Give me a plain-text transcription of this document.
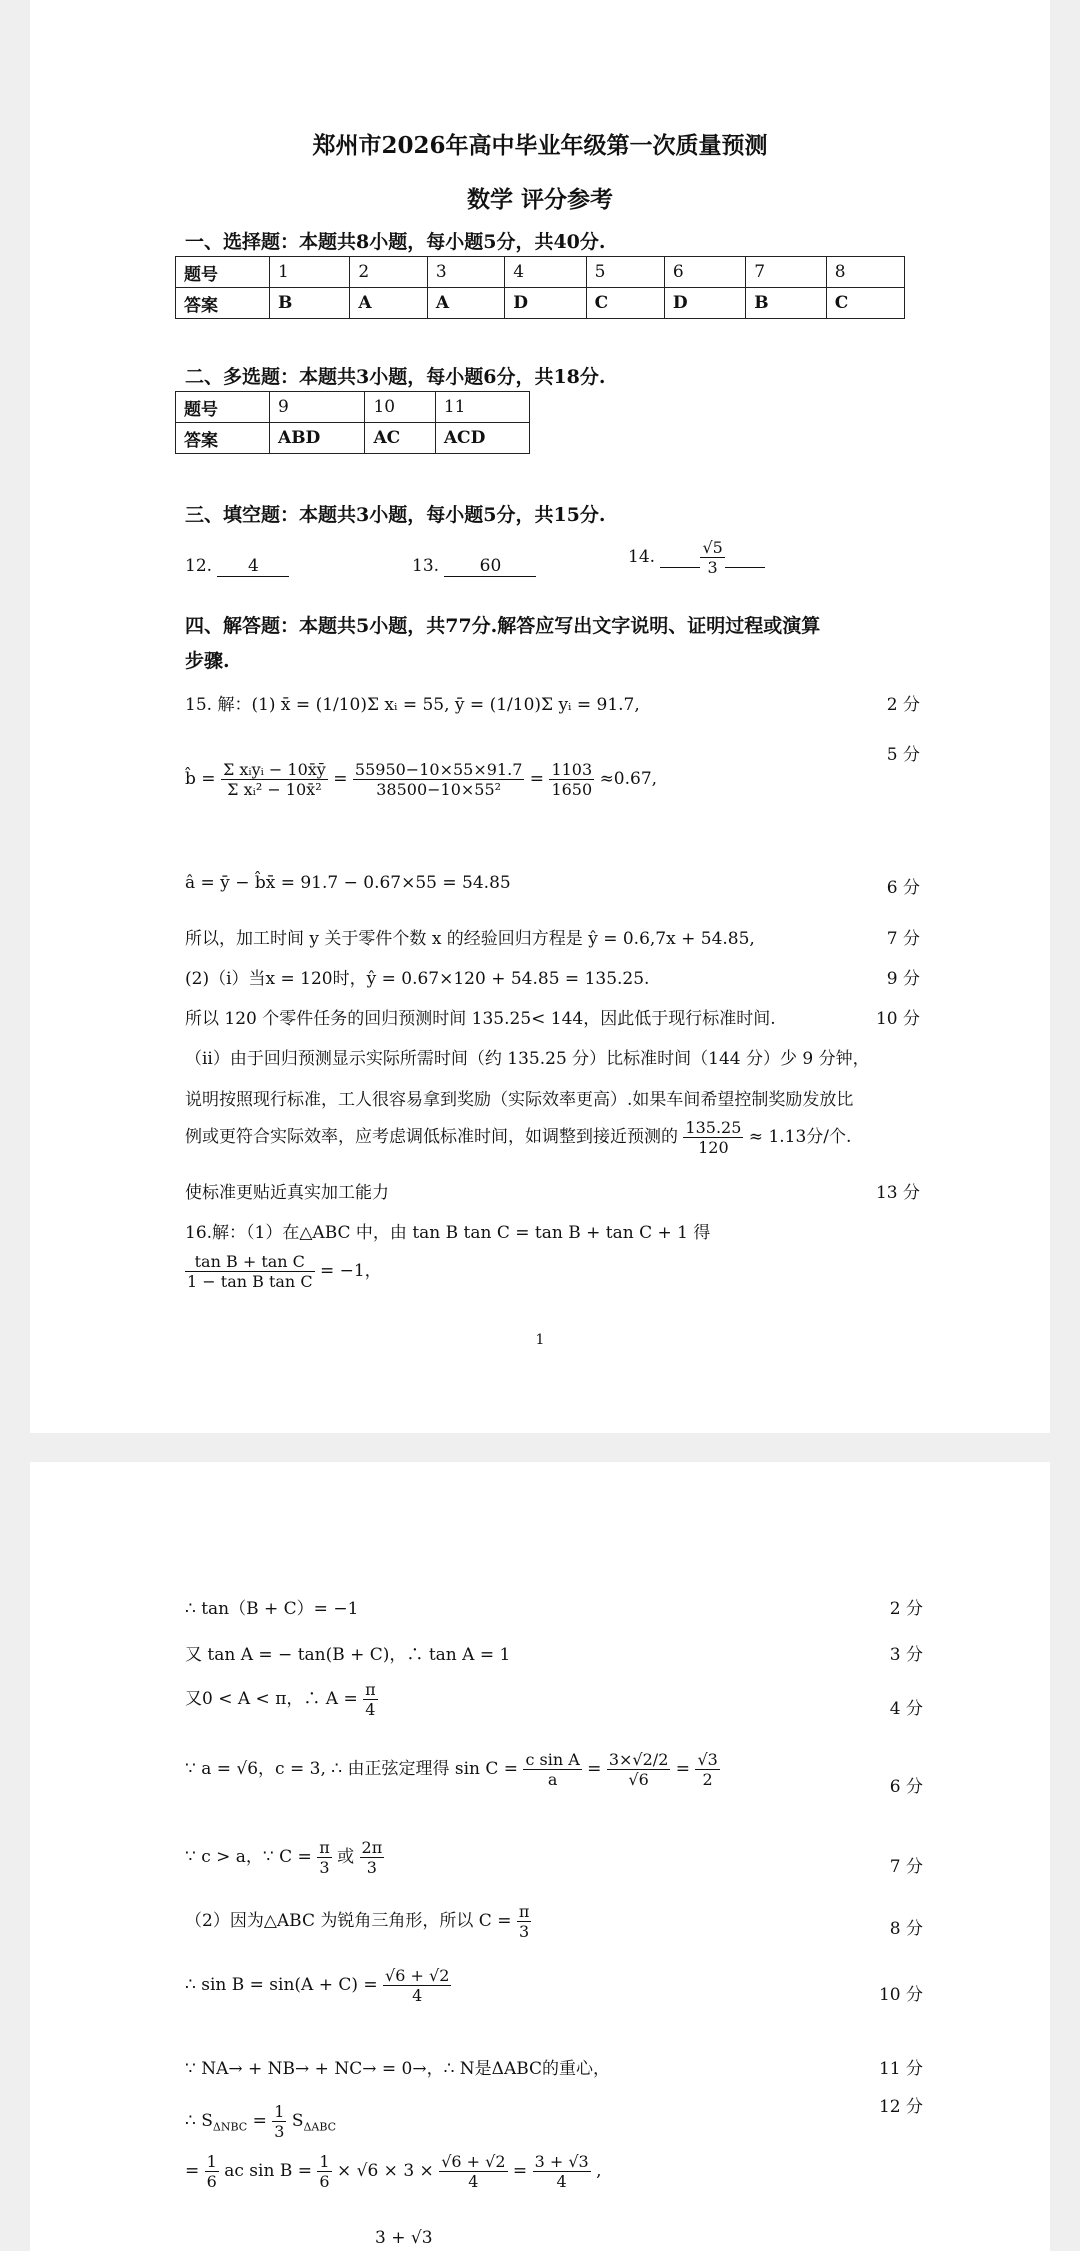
郑州市2026年高中毕业年级第一次质量预测
数学 评分参考
一、选择题：本题共8小题，每小题5分，共40分.
题号	1	2	3	4	5	6	7	8
答案	B	A	A	D	C	D	B	C
二、多选题：本题共3小题，每小题6分，共18分.
题号	9	10	11
答案	ABD	AC	ACD
三、填空题：本题共3小题，每小题5分，共15分.
12. 4	13. 60	14.	$\frac{√5}{3}$

四、解答题：本题共5小题，共77分.解答应写出文字说明、证明过程或演算
步骤.
15. 解：(1) x̄ = (1/10)Σ xᵢ = 55, ȳ = (1/10)Σ yᵢ = 91.7,	2 分
5 分
b̂ = $\frac{\text{Σ xᵢyᵢ − 10x̄ȳ}}{\text{Σ xᵢ² − 10x̄²}} = \frac{55950-10\times 55\times 91.7}{\text{38500−10×55²}} = \frac{1103}{1650} \approx 0.67$,
â = ȳ − b̂x̄ = 91.7 − 0.67×55 = 54.85	6 分
所以，加工时间 y 关于零件个数 x 的经验回归方程是 ŷ = 0.6,7x + 54.85,	7 分
(2)（i）当x = 120时，ŷ = 0.67×120 + 54.85 = 135.25.	9 分
所以 120 个零件任务的回归预测时间 135.25< 144，因此低于现行标准时间.	10 分
（ii）由于回归预测显示实际所需时间（约 135.25 分）比标准时间（144 分）少 9 分钟，
说明按照现行标准，工人很容易拿到奖励（实际效率更高）.如果车间希望控制奖励发放比
例或更符合实际效率，应考虑调低标准时间，如调整到接近预测的 $\frac{135.25}{120} \approx 1.13$分/个.
使标准更贴近真实加工能力	13 分
16.解：（1）在△ABC 中，由 tan B tan C = tan B + tan C + 1 得
$\frac{\text{tan B + tan C}}{\text{1 − tan B tan C}} = -1$，
1
∴ tan（B + C）= −1	2 分
又 tan A = − tan(B + C)，∴ tan A = 1	3 分
又0 < A < π，∴ $A = \frac{\pi}{4}$	4 分
∵ a = √6，c = 3, ∴ 由正弦定理得 $\sin C = \frac{\text{c sin A}}{a} = \frac{3\times√2/2}{√6} = \frac{√3}{2}$	6 分
∵ c > a，∵ $C = \frac{\pi}{3}$ 或 $\frac{2\pi}{3}$	7 分
（2）因为△ABC 为锐角三角形，所以 $C = \frac{\pi}{3}$	8 分
∴ $\sin B = \sin(A + C) = \frac{√6 + √2}{4}$	10 分
∵ NA→ + NB→ + NC→ = 0→，∴ N是ΔABC的重心，	11 分
12 分
∴ $S_{\Delta NBC} = \frac{1}{3} S_{\Delta ABC}$
= $\frac{1}{6}$ ac $\sin B = \frac{1}{6} \times √6 \times 3 \times \frac{√6 + √2}{4} = \frac{3 + √3}{4}$ ,
3 + √3
